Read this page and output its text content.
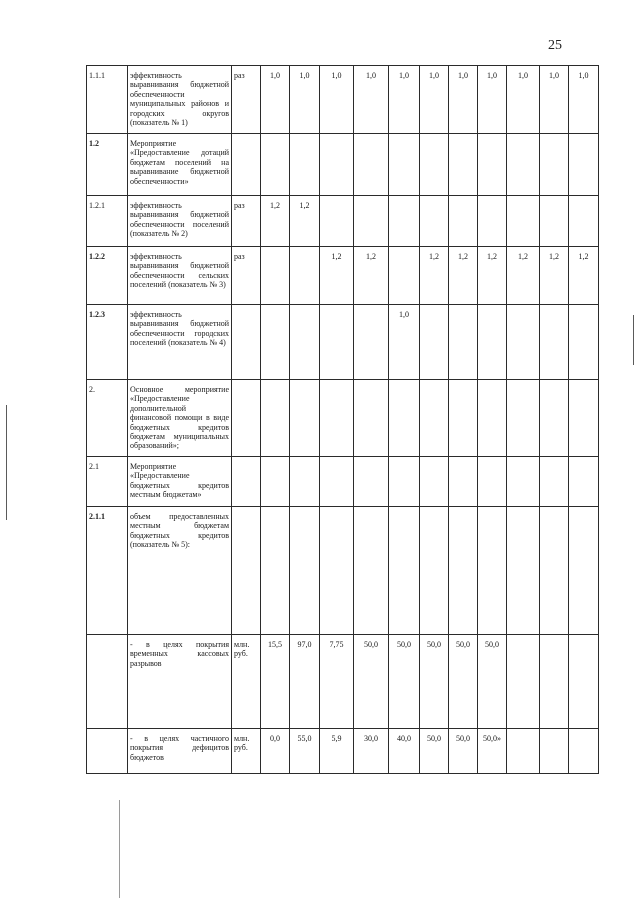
25
1.1.1	эффективность выравнивания бюджетной обеспеченности муниципальных районов и городских округов (показатель № 1)	раз	1,0	1,0	1,0	1,0	1,0	1,0	1,0	1,0	1,0	1,0	1,0
1.2	Мероприятие «Предоставление дотаций бюджетам поселений на выравнивание бюджетной обеспеченности»												
1.2.1	эффективность выравнивания бюджетной обеспеченности поселений (показатель № 2)	раз	1,2	1,2									
1.2.2	эффективность выравнивания бюджетной обеспеченности сельских поселений (показатель № 3)	раз			1,2	1,2		1,2	1,2	1,2	1,2	1,2	1,2
1.2.3	эффективность выравнивания бюджетной обеспеченности городских поселений (показатель № 4)						1,0						
2.	Основное мероприятие «Предоставление дополнительной финансовой помощи в виде бюджетных кредитов бюджетам муниципальных образований»;												
2.1	Мероприятие «Предоставление бюджетных кредитов местным бюджетам»												
2.1.1	объем предоставленных местным бюджетам бюджетных кредитов (показатель № 5):												
	- в целях покрытия временных кассовых разрывов	млн. руб.	15,5	97,0	7,75	50,0	50,0	50,0	50,0	50,0			
	- в целях частичного покрытия дефицитов бюджетов	млн. руб.	0,0	55,0	5,9	30,0	40,0	50,0	50,0	50,0»			
